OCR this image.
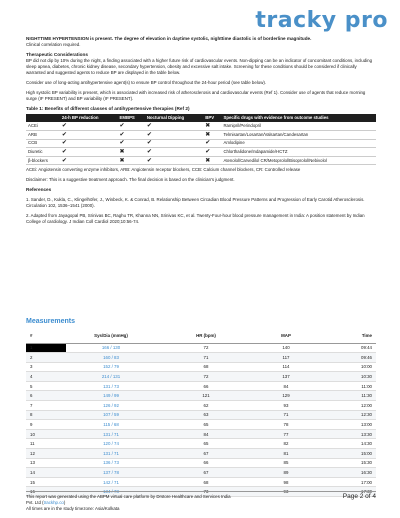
tracky pro
NIGHTTIME HYPERTENSION is present. The degree of elevation in daytime systolic, nighttime diastolic is of borderline magnitude.
Clinical correlation required.
Therapeutic Considerations
BP did not dip by 10% during the night, a finding associated with a higher future risk of cardiovascular events. Non-dipping can be an indicator of concomitant conditions, including sleep apnea, diabetes, chronic kidney disease, secondary hypertension, obesity and excessive salt intake. Screening for these conditions should be considered if clinically warranted and suggested agents to reduce BP are displayed in the table below.
Consider use of long-acting antihypertensive agent(s) to ensure BP control throughout the 24-hour period (see table below).
High systolic BP variability is present, which is associated with increased risk of atherosclerosis and cardiovascular events (Ref 1). Consider use of agents that reduce morning surge (IF PRESENT) and BP variability (IF PRESENT).
Table 1: Benefits of different classes of antihypertensive therapies (Ref 2)
	24-h BP reduction	EMBPS	Nocturnal Dipping	BPV	Specific drugs with evidence from outcome studies
ACEi	✔	✔	✔	✖	Ramipril/Perindopril
ARB	✔	✔	✔	✖	Telmisartan/Losartan/Valsartan/Candesartan
CCB	✔	✔	✔	✔	Amlodipine
Diuretic	✔	✖	✔	✔	Chlorthalidone/Indapamide/HCTZ
β-blockers	✔	✖	✔	✖	Atenolol/Carvedilol CR/Metoprolol/Bisoprolol/Nebivolol
ACEi: Angiotensin converting enzyme inhibitors, ARB: Angiotensin receptor blockers, CCB: Calcium channel blockers, CR: Controlled release
Disclaimer: This is a suggestive treatment approach. The final decision is based on the clinician's judgment.
References
1. Sander, D., Kukla, C., Klingelhöfer, J., Winbeck, K. & Conrad, B. Relationship Between Circadian Blood Pressure Patterns and Progression of Early Carotid Atherosclerosis. Circulation 102, 1536–1541 (2000).
2. Adapted from Jayagopal PB, Srinivas BC, Raghu TR, Khanna NN, Srinivas KC, et al. Twenty-Four-hour blood pressure management in India: A position statement by Indian College of cardiology. J Indian Coll Cardiol 2020;10:56-74.
Measurements
#	Sys/Dia (mmHg)	HR (bpm)	MAP	Time
1	166 / 130	72	140	09:44
2	160 / 83	71	117	09:46
3	152 / 79	68	114	10:00
4	214 / 131	72	137	10:30
5	131 / 73	66	84	11:00
6	149 / 99	121	129	11:30
7	126 / 92	62	93	12:00
8	107 / 59	63	71	12:30
9	115 / 68	65	78	13:00
10	131 / 71	84	77	13:30
11	120 / 74	65	82	14:30
12	131 / 71	67	81	15:00
13	136 / 73	66	85	15:30
14	137 / 78	67	89	16:30
15	142 / 71	68	98	17:00
16	134 / 78	73	93	17:30
This report was generated using the ABPM virtual care platform by Drstore Healthcare and Services India
Pvt. Ltd (trackhp.co)
All times are in the study timezone: Asia/Kolkata
Page 2 of 4
